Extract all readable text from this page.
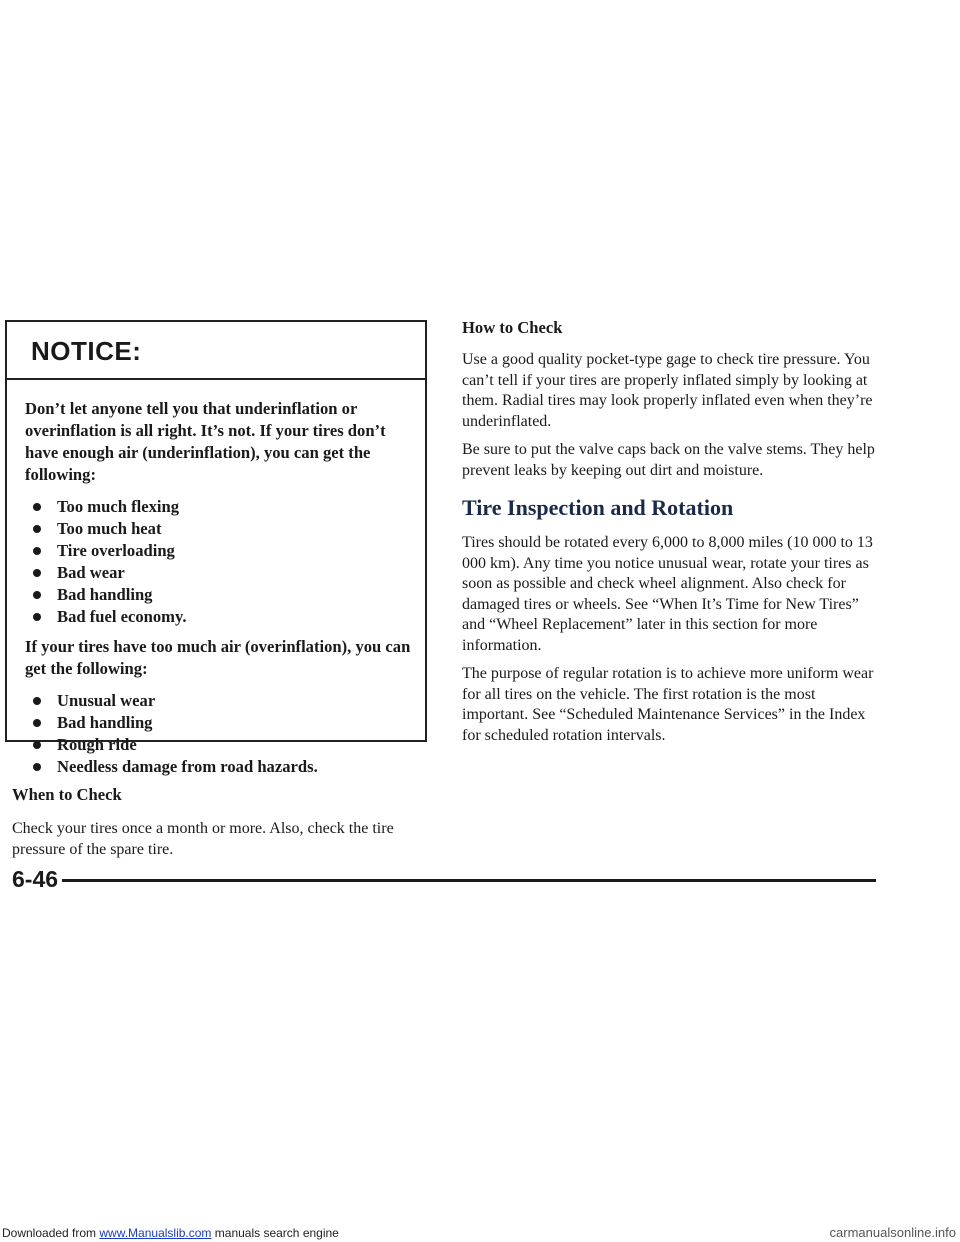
NOTICE:

Don’t let anyone tell you that underinflation or overinflation is all right. It’s not. If your tires don’t have enough air (underinflation), you can get the following:

Too much flexing
Too much heat
Tire overloading
Bad wear
Bad handling
Bad fuel economy.

If your tires have too much air (overinflation), you can get the following:

Unusual wear
Bad handling
Rough ride
Needless damage from road hazards.
When to Check

Check your tires once a month or more. Also, check the tire pressure of the spare tire.

How to Check

Use a good quality pocket-type gage to check tire pressure. You can’t tell if your tires are properly inflated simply by looking at them. Radial tires may look properly inflated even when they’re underinflated.

Be sure to put the valve caps back on the valve stems. They help prevent leaks by keeping out dirt and moisture.

Tire Inspection and Rotation

Tires should be rotated every 6,000 to 8,000 miles (10 000 to 13 000 km). Any time you notice unusual wear, rotate your tires as soon as possible and check wheel alignment. Also check for damaged tires or wheels. See “When It’s Time for New Tires” and “Wheel Replacement” later in this section for more information.

The purpose of regular rotation is to achieve more uniform wear for all tires on the vehicle. The first rotation is the most important. See “Scheduled Maintenance Services” in the Index for scheduled rotation intervals.

6-46
Downloaded from www.Manualslib.com manuals search engine	carmanualsonline.info
